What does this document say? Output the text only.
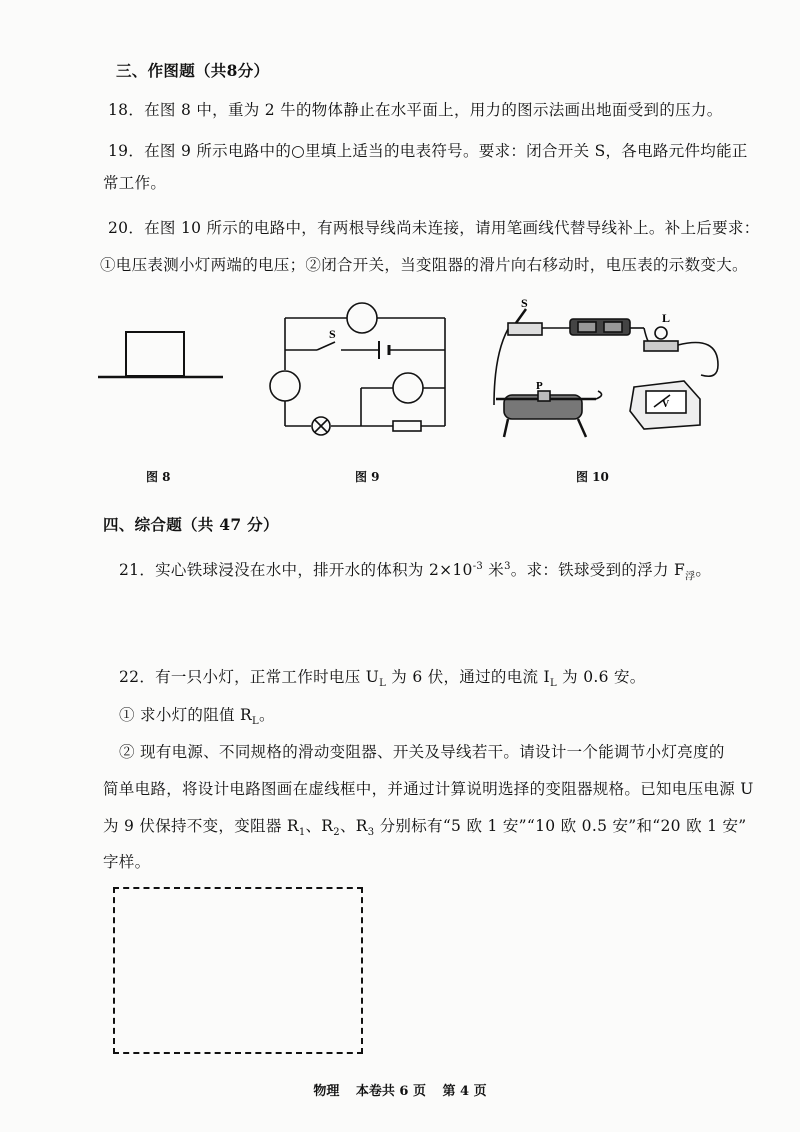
三、作图题（共8分）
18．在图 8 中，重为 2 牛的物体静止在水平面上，用力的图示法画出地面受到的压力。
19．在图 9 所示电路中的○里填上适当的电表符号。要求：闭合开关 S，各电路元件均能正
常工作。
20．在图 10 所示的电路中，有两根导线尚未连接，请用笔画线代替导线补上。补上后要求：
①电压表测小灯两端的电压；②闭合开关，当变阻器的滑片向右移动时，电压表的示数变大。
图 8
S
图 9
S
L
P
V
图 10
四、综合题（共 47 分）
21．实心铁球浸没在水中，排开水的体积为 $2\times 10^{-3}$ 米$^3$。求：铁球受到的浮力 $F_浮$。
22．有一只小灯，正常工作时电压 $U_L$ 为 6 伏，通过的电流 $I_L$ 为 0.6 安。
① 求小灯的阻值 $R_L$。
② 现有电源、不同规格的滑动变阻器、开关及导线若干。请设计一个能调节小灯亮度的
简单电路，将设计电路图画在虚线框中，并通过计算说明选择的变阻器规格。已知电压电源 U
为 9 伏保持不变，变阻器 $R_1$、$R_2$、$R_3$ 分别标有“5 欧 1 安”“10 欧 0.5 安”和“20 欧 1 安”
字样。
物理 本卷共 6 页 第 4 页
